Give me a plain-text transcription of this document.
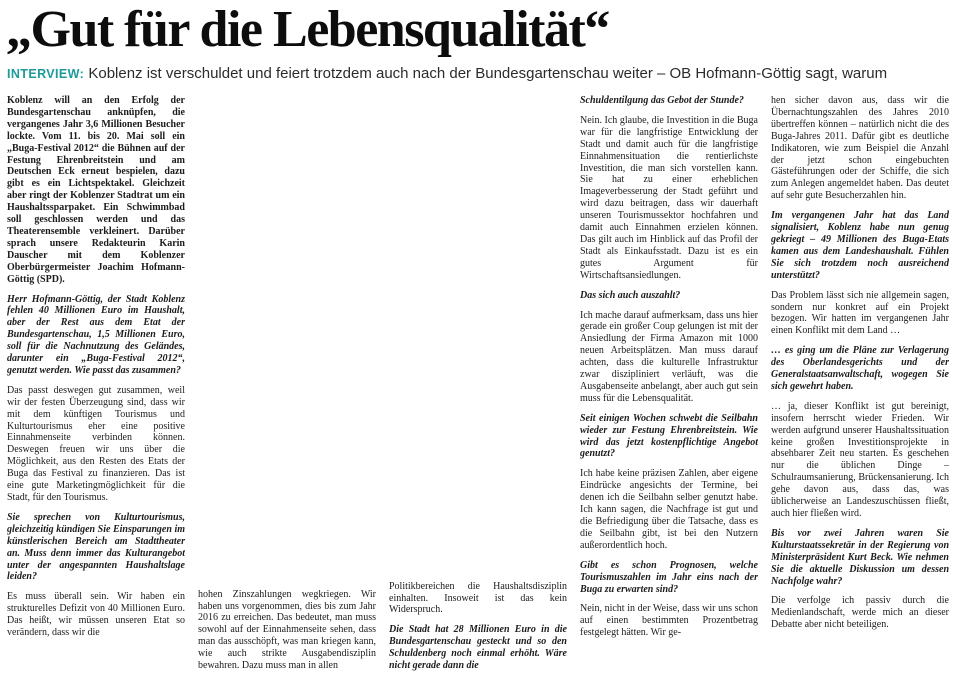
„Gut für die Lebensqualität“
INTERVIEW: Koblenz ist verschuldet und feiert trotzdem auch nach der Bundesgartenschau weiter – OB Hofmann-Göttig sagt, warum

Koblenz will an den Erfolg der Bundesgartenschau anknüpfen, die vergangenes Jahr 3,6 Millionen Besucher lockte. Vom 11. bis 20. Mai soll ein „Buga-Festival 2012“ die Bühnen auf der Festung Ehrenbreitstein und am Deutschen Eck erneut bespielen, dazu gibt es ein Lichtspektakel. Gleichzeit aber ringt der Koblenzer Stadtrat um ein Haushaltssparpaket. Ein Schwimmbad soll geschlossen werden und das Theaterensemble verkleinert. Darüber sprach unsere Redakteurin Karin Dauscher mit dem Koblenzer Oberbürgermeister Joachim Hofmann-Göttig (SPD).

Herr Hofmann-Göttig, der Stadt Koblenz fehlen 40 Millionen Euro im Haushalt, aber der Rest aus dem Etat der Bundesgartenschau, 1,5 Millionen Euro, soll für die Nachnutzung des Geländes, darunter ein „Buga-Festival 2012“, genutzt werden. Wie passt das zusammen?

Das passt deswegen gut zusammen, weil wir der festen Überzeugung sind, dass wir mit dem künftigen Tourismus und Kulturtourismus eher eine positive Einnahmenseite verbinden können. Deswegen freuen wir uns über die Möglichkeit, aus den Resten des Etats der Buga das Festival zu finanzieren. Das ist eine gute Marketingmöglichkeit für die Stadt, für den Tourismus.

Sie sprechen von Kulturtourismus, gleichzeitig kündigen Sie Einsparungen im künstlerischen Bereich am Stadttheater an. Muss denn immer das Kulturangebot unter der angespannten Haushaltslage leiden?

Es muss überall sein. Wir haben ein strukturelles Defizit von 40 Millionen Euro. Das heißt, wir müssen unseren Etat so verändern, dass wir die

hohen Zinszahlungen wegkriegen. Wir haben uns vorgenommen, dies bis zum Jahr 2016 zu erreichen. Das bedeutet, man muss sowohl auf der Einnahmenseite sehen, dass man das ausschöpft, was man kriegen kann, wie auch strikte Ausgabendisziplin bewahren. Dazu muss man in allen

Politikbereichen die Haushaltsdisziplin einhalten. Insoweit ist das kein Widerspruch.

Die Stadt hat 28 Millionen Euro in die Bundesgartenschau gesteckt und so den Schuldenberg noch einmal erhöht. Wäre nicht gerade dann die

Schuldentilgung das Gebot der Stunde?

Nein. Ich glaube, die Investition in die Buga war für die langfristige Entwicklung der Stadt und damit auch für die langfristige Einnahmensituation die rentierlichste Investition, die man sich vorstellen kann. Sie hat zu einer erheblichen Imageverbesserung der Stadt geführt und wird dazu beitragen, dass wir dauerhaft unseren Tourismussektor hochfahren und damit auch Einnahmen erzielen können. Das gilt auch im Hinblick auf das Profil der Stadt als Einkaufsstadt. Dazu ist es ein gutes Argument für Wirtschaftsansiedlungen.

Das sich auch auszahlt?

Ich mache darauf aufmerksam, dass uns hier gerade ein großer Coup gelungen ist mit der Ansiedlung der Firma Amazon mit 1000 neuen Arbeitsplätzen. Man muss darauf achten, dass die kulturelle Infrastruktur zwar diszipliniert verläuft, was die Ausgabenseite anbelangt, aber auch gut sein muss für die Lebensqualität.

Seit einigen Wochen schwebt die Seilbahn wieder zur Festung Ehrenbreitstein. Wie wird das jetzt kostenpflichtige Angebot genutzt?

Ich habe keine präzisen Zahlen, aber eigene Eindrücke angesichts der Termine, bei denen ich die Seilbahn selber genutzt habe. Ich kann sagen, die Nachfrage ist gut und die Befriedigung über die Tatsache, dass es die Seilbahn gibt, ist bei den Nutzern außerordentlich hoch.

Gibt es schon Prognosen, welche Tourismuszahlen im Jahr eins nach der Buga zu erwarten sind?

Nein, nicht in der Weise, dass wir uns schon auf einen bestimmten Prozentbetrag festgelegt hätten. Wir ge-

hen sicher davon aus, dass wir die Übernachtungszahlen des Jahres 2010 übertreffen können – natürlich nicht die des Buga-Jahres 2011. Dafür gibt es deutliche Indikatoren, wie zum Beispiel die Anzahl der jetzt schon eingebuchten Gästeführungen oder der Schiffe, die sich zum Anlegen angemeldet haben. Das deutet auf sehr gute Besucherzahlen hin.

Im vergangenen Jahr hat das Land signalisiert, Koblenz habe nun genug gekriegt – 49 Millionen des Buga-Etats kamen aus dem Landeshaushalt. Fühlen Sie sich trotzdem noch ausreichend unterstützt?

Das Problem lässt sich nie allgemein sagen, sondern nur konkret auf ein Projekt bezogen. Wir hatten im vergangenen Jahr einen Konflikt mit dem Land …

… es ging um die Pläne zur Verlagerung des Oberlandesgerichts und der Generalstaatsanwaltschaft, wogegen Sie sich gewehrt haben.

… ja, dieser Konflikt ist gut bereinigt, insofern herrscht wieder Frieden. Wir werden aufgrund unserer Haushaltssituation keine großen Investitionsprojekte in absehbarer Zeit neu starten. Es geschehen nur die üblichen Dinge – Schulraumsanierung, Brückensanierung. Ich gehe davon aus, dass das, was üblicherweise an Landeszuschüssen fließt, auch hier fließen wird.

Bis vor zwei Jahren waren Sie Kulturstaatssekretär in der Regierung von Ministerpräsident Kurt Beck. Wie nehmen Sie die aktuelle Diskussion um dessen Nachfolge wahr?

Die verfolge ich passiv durch die Medienlandschaft, werde mich an dieser Debatte aber nicht beteiligen.
